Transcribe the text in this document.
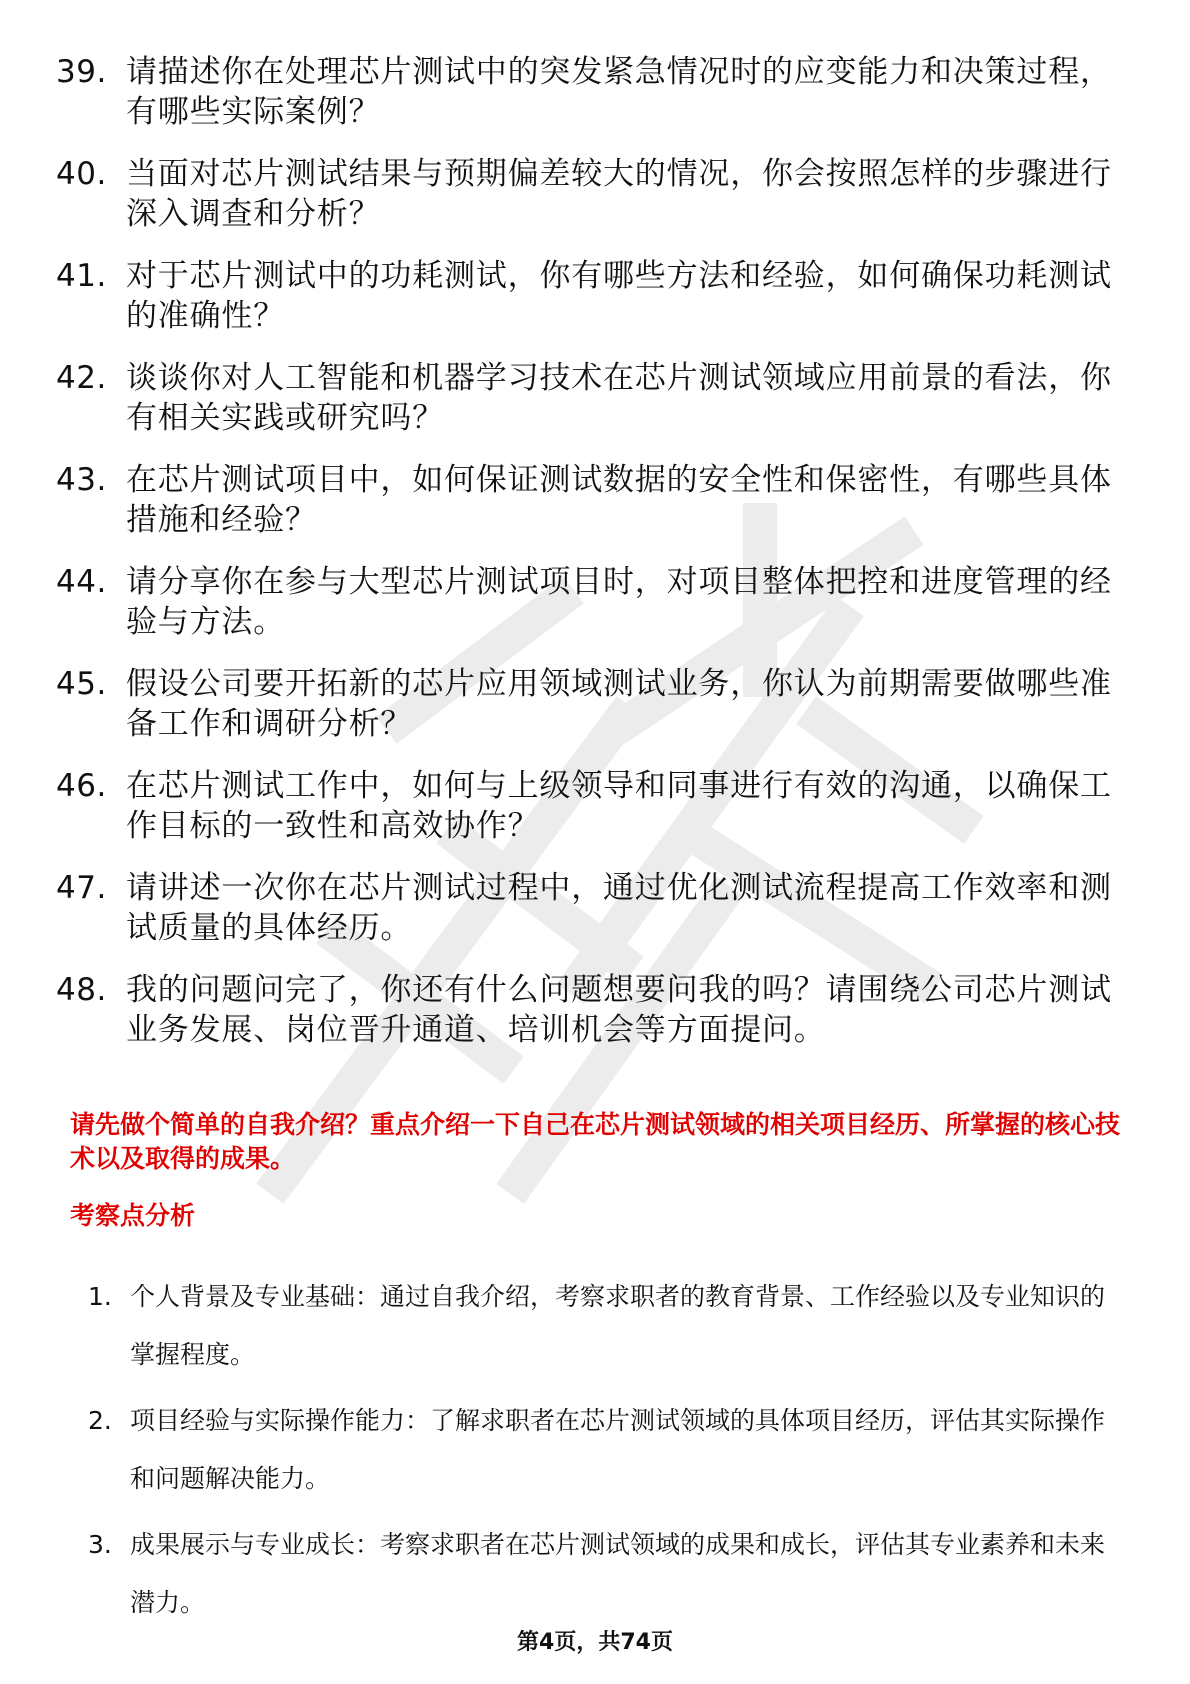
39. 请描述你在处理芯片测试中的突发紧急情况时的应变能力和决策过程，有哪些实际案例？
40. 当面对芯片测试结果与预期偏差较大的情况，你会按照怎样的步骤进行深入调查和分析？
41. 对于芯片测试中的功耗测试，你有哪些方法和经验，如何确保功耗测试的准确性？
42. 谈谈你对人工智能和机器学习技术在芯片测试领域应用前景的看法，你有相关实践或研究吗？
43. 在芯片测试项目中，如何保证测试数据的安全性和保密性，有哪些具体措施和经验？
44. 请分享你在参与大型芯片测试项目时，对项目整体把控和进度管理的经验与方法。
45. 假设公司要开拓新的芯片应用领域测试业务，你认为前期需要做哪些准备工作和调研分析？
46. 在芯片测试工作中，如何与上级领导和同事进行有效的沟通，以确保工作目标的一致性和高效协作？
47. 请讲述一次你在芯片测试过程中，通过优化测试流程提高工作效率和测试质量的具体经历。
48. 我的问题问完了，你还有什么问题想要问我的吗？请围绕公司芯片测试业务发展、岗位晋升通道、培训机会等方面提问。
请先做个简单的自我介绍？重点介绍一下自己在芯片测试领域的相关项目经历、所掌握的核心技术以及取得的成果。
考察点分析
1. 个人背景及专业基础：通过自我介绍，考察求职者的教育背景、工作经验以及专业知识的掌握程度。
2. 项目经验与实际操作能力：了解求职者在芯片测试领域的具体项目经历，评估其实际操作和问题解决能力。
3. 成果展示与专业成长：考察求职者在芯片测试领域的成果和成长，评估其专业素养和未来潜力。
第4页，共74页
